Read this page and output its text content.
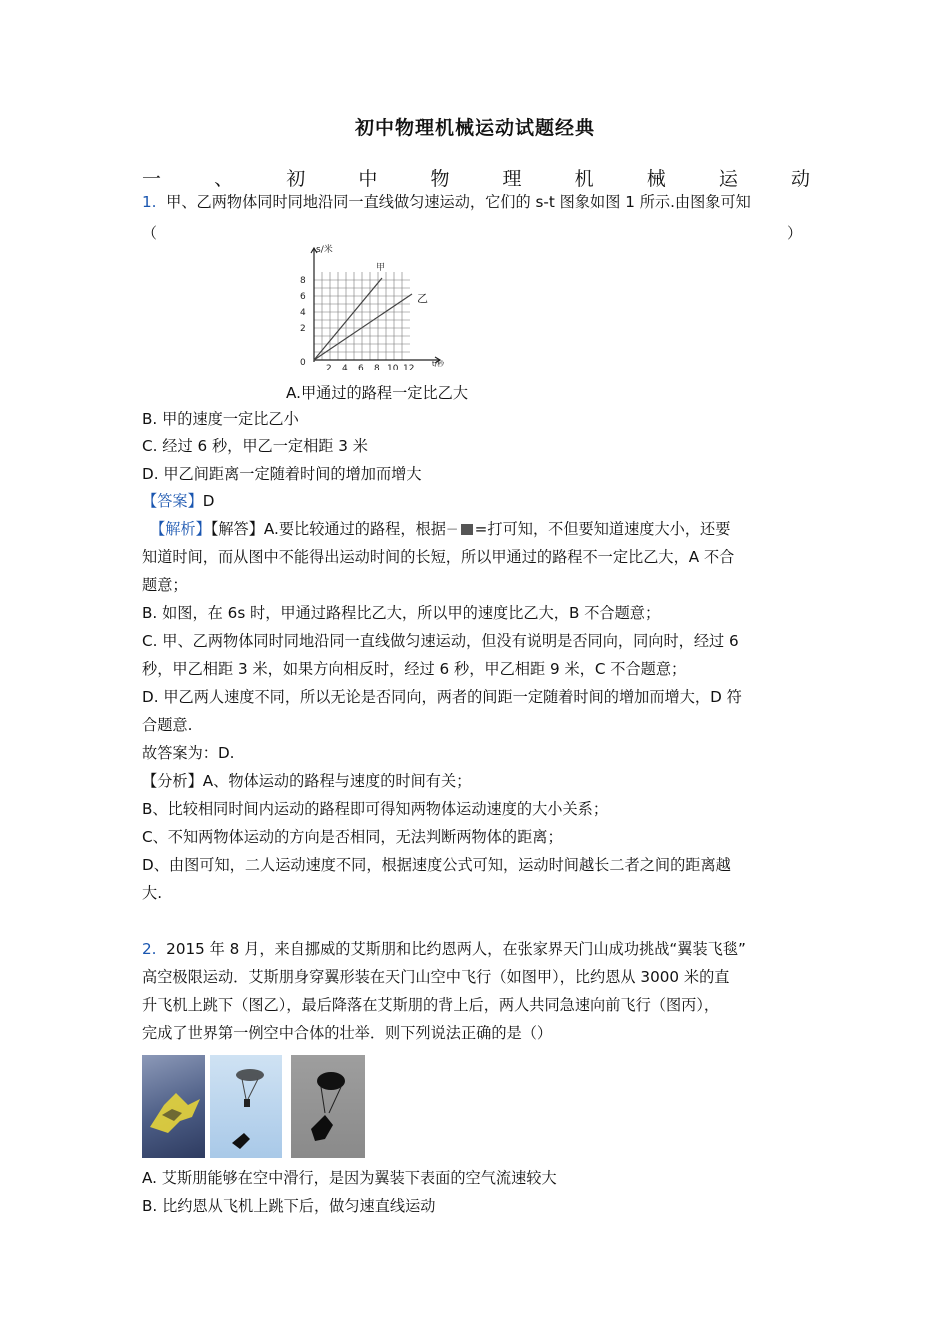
初中物理机械运动试题经典
一	、	初	中	物	理	机	械	运	动
1. 甲、乙两物体同时同地沿同一直线做匀速运动，它们的 s-t 图象如图 1 所示.由图象可知
（	）
s/米
t/秒
8
6
4
2
0
2 4 6 8 10 12
甲
乙
A.甲通过的路程一定比乙大
B. 甲的速度一定比乙小
C. 经过 6 秒，甲乙一定相距 3 米
D. 甲乙间距离一定随着时间的增加而增大
【答案】D
【解析】【解答】A.要比较通过的路程，根据− =打可知，不但要知道速度大小，还要
知道时间，而从图中不能得出运动时间的长短，所以甲通过的路程不一定比乙大，A 不合
题意；
B. 如图，在 6s 时，甲通过路程比乙大，所以甲的速度比乙大，B 不合题意；
C. 甲、乙两物体同时同地沿同一直线做匀速运动，但没有说明是否同向，同向时，经过 6
秒，甲乙相距 3 米，如果方向相反时，经过 6 秒，甲乙相距 9 米，C 不合题意；
D. 甲乙两人速度不同，所以无论是否同向，两者的间距一定随着时间的增加而增大，D 符
合题意.
故答案为：D.
【分析】A、物体运动的路程与速度的时间有关；
B、比较相同时间内运动的路程即可得知两物体运动速度的大小关系；
C、不知两物体运动的方向是否相同，无法判断两物体的距离；
D、由图可知，二人运动速度不同，根据速度公式可知，运动时间越长二者之间的距离越
大.
2. 2015 年 8 月，来自挪威的艾斯朋和比约恩两人，在张家界天门山成功挑战“翼装飞毯”
高空极限运动．艾斯朋身穿翼形装在天门山空中飞行（如图甲），比约恩从 3000 米的直
升飞机上跳下（图乙），最后降落在艾斯朋的背上后，两人共同急速向前飞行（图丙），
完成了世界第一例空中合体的壮举．则下列说法正确的是（）
A. 艾斯朋能够在空中滑行，是因为翼装下表面的空气流速较大
B. 比约恩从飞机上跳下后，做匀速直线运动
